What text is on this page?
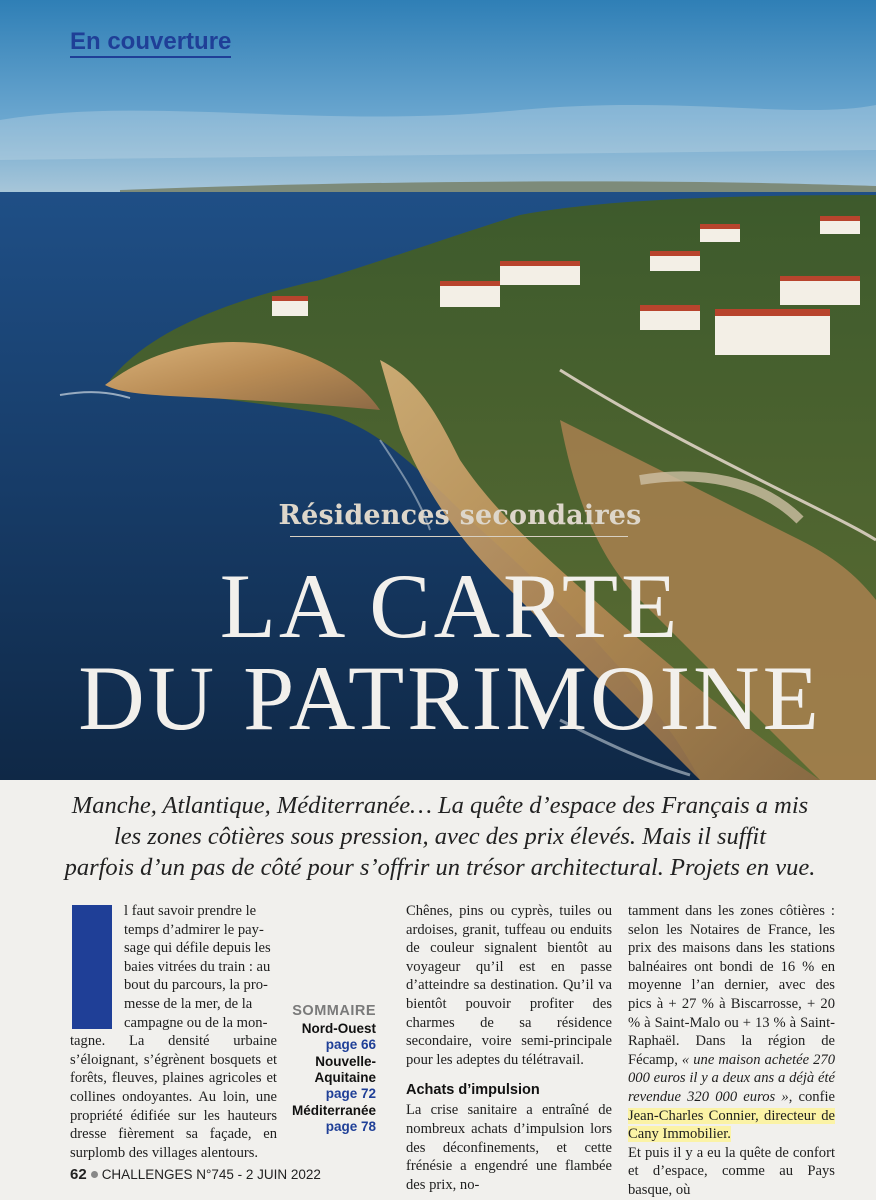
En couverture
Résidences secondaires
LA CARTE
DU PATRIMOINE
Manche, Atlantique, Méditerranée… La quête d’espace des Français a mis
les zones côtières sous pression, avec des prix élevés. Mais il suffit
parfois d’un pas de côté pour s’offrir un trésor architectural. Projets en vue.

l faut savoir prendre le

temps d’admirer le pay-

sage qui défile depuis les

baies vitrées du train : au

bout du parcours, la pro-

messe de la mer, de la

campagne ou de la mon-

tagne. La densité urbaine s’éloignant, s’égrènent bosquets et forêts, fleuves, plaines agricoles et collines ondoyantes. Au loin, une propriété édifiée sur les hauteurs dresse fièrement sa façade, en surplomb des villages alentours.

SOMMAIRE
Nord-Ouest
page 66
Nouvelle-Aquitaine
page 72
Méditerranée
page 78

Chênes, pins ou cyprès, tuiles ou ardoises, granit, tuffeau ou enduits de couleur signalent bientôt au voyageur qu’il est en passe d’atteindre sa destination. Qu’il va bientôt pouvoir profiter des charmes de sa résidence secondaire, voire semi-principale pour les adeptes du télétravail.

Achats d’impulsion

La crise sanitaire a entraîné de nombreux achats d’impulsion lors des déconfinements, et cette frénésie a engendré une flambée des prix, no-

tamment dans les zones côtières : selon les Notaires de France, les prix des maisons dans les stations balnéaires ont bondi de 16 % en moyenne l’an dernier, avec des pics à + 27 % à Biscarrosse, + 20 % à Saint-Malo ou + 13 % à Saint-Raphaël. Dans la région de Fécamp, « une maison achetée 270 000 euros il y a deux ans a déjà été revendue 320 000 euros », confie Jean-Charles Connier, directeur de Cany Immobilier.

Et puis il y a eu la quête de confort et d’espace, comme au Pays basque, où

62 CHALLENGES N°745 - 2 JUIN 2022
